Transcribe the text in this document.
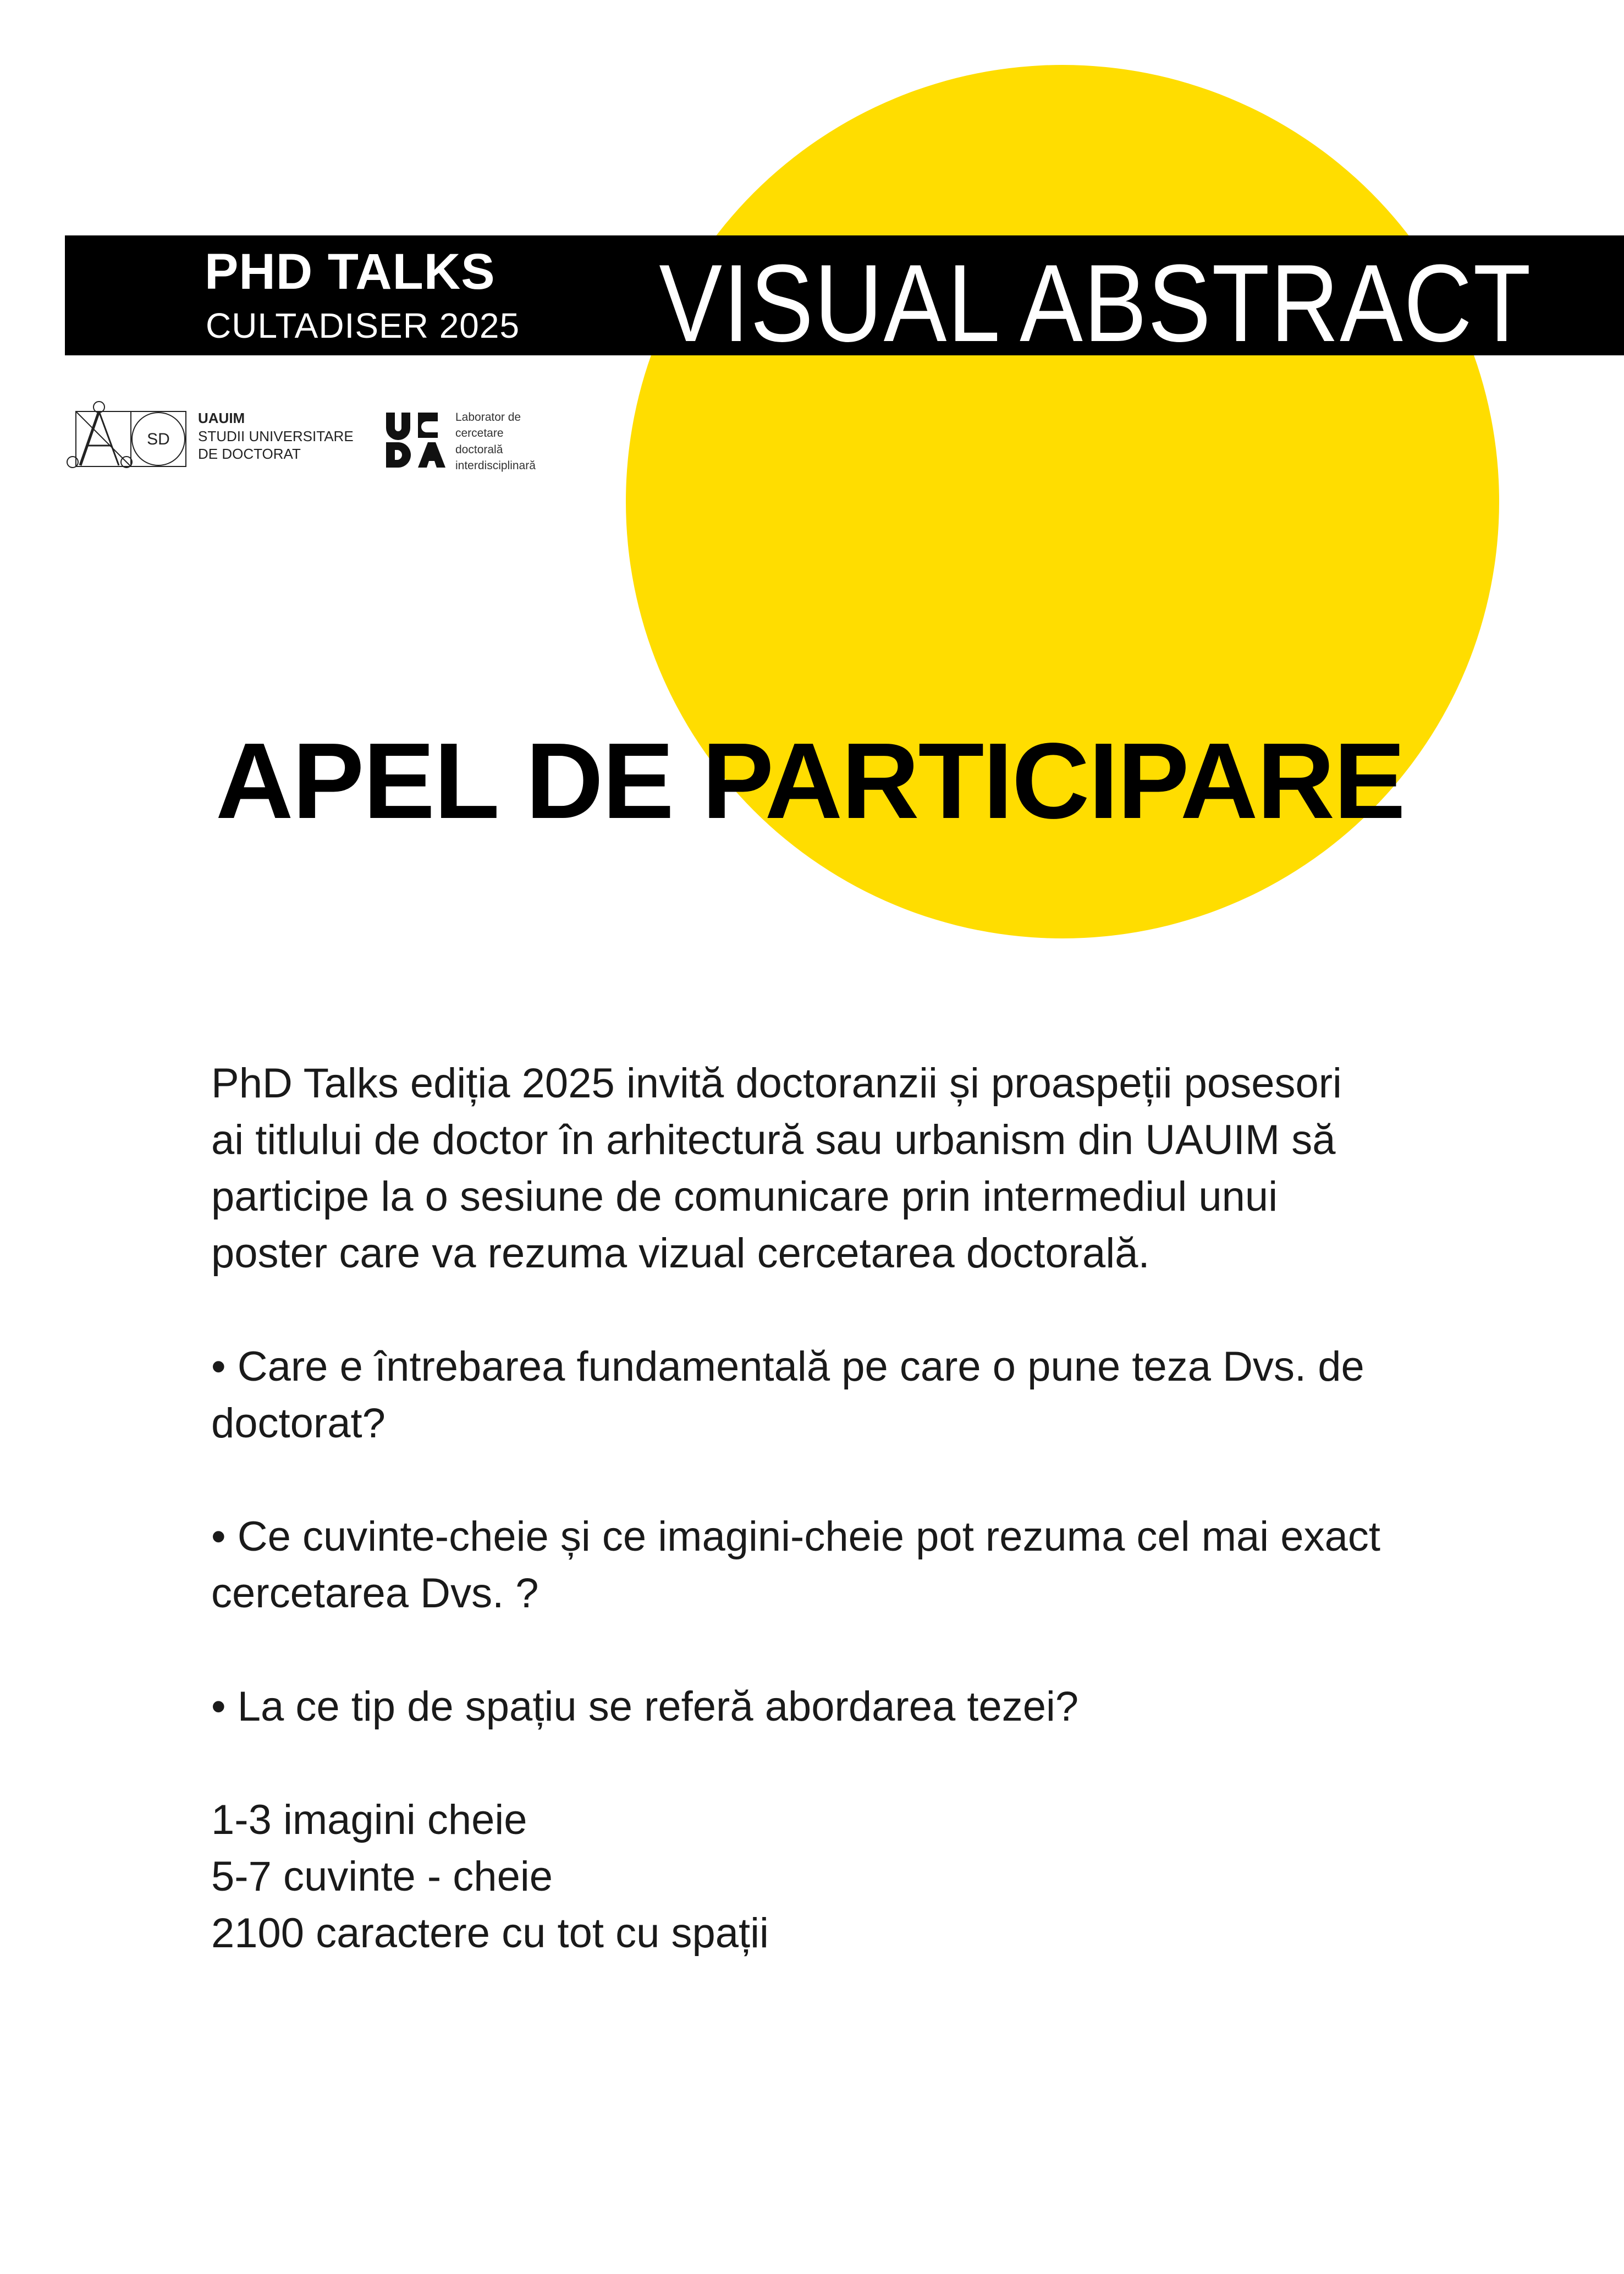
PHD TALKS
CULTADISER 2025 VISUAL ABSTRACT
SD
UAUIM
STUDII UNIVERSITARE
DE DOCTORAT
Laborator de
cercetare
doctorală
interdisciplinară
APEL DE PARTICIPARE

PhD Talks ediția 2025 invită doctoranzii și proaspeții posesori
ai titlului de doctor în arhitectură sau urbanism din UAUIM să
participe la o sesiune de comunicare prin intermediul unui
poster care va rezuma vizual cercetarea doctorală.

• Care e întrebarea fundamentală pe care o pune teza Dvs. de
doctorat?

• Ce cuvinte-cheie și ce imagini-cheie pot rezuma cel mai exact
cercetarea Dvs. ?

• La ce tip de spațiu se referă abordarea tezei?

1-3 imagini cheie
5-7 cuvinte - cheie
2100 caractere cu tot cu spații
